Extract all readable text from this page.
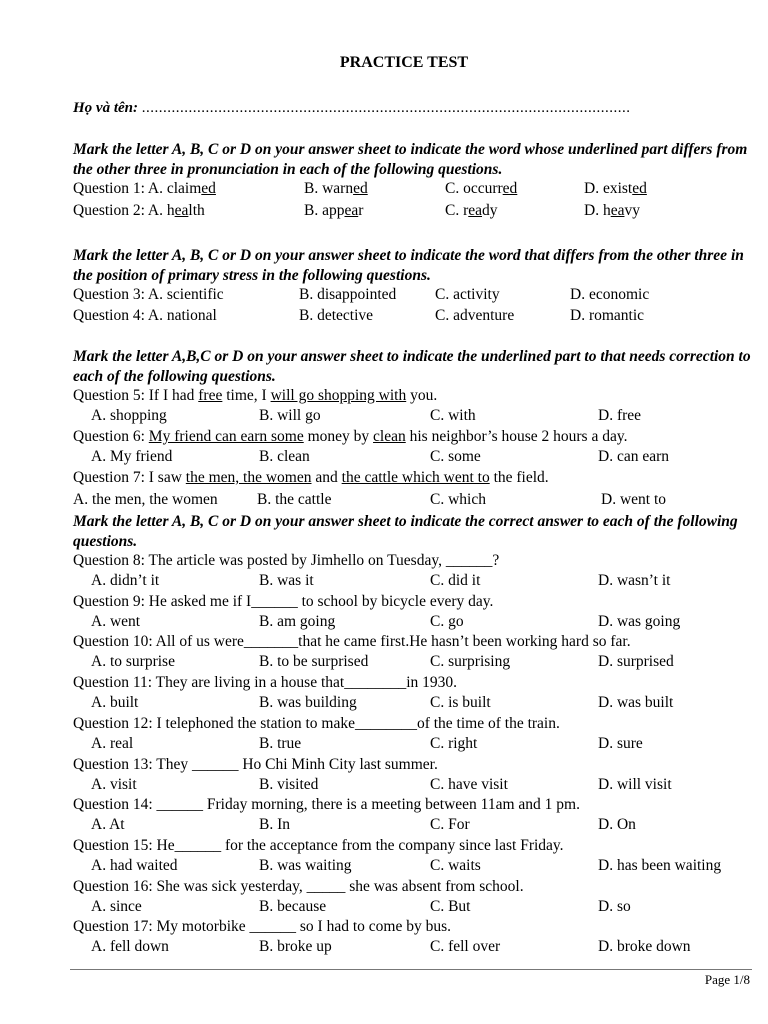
PRACTICE TEST
Họ và tên: ...................................................................................................................
Mark the letter A, B, C or D on your answer sheet to indicate the word whose underlined part differs from the other three in pronunciation in each of the following questions.
Question 1: A. claimed	B. warned	C. occurred	D. existed
Question 2: A. health	B. appear	C. ready	D. heavy
Mark the letter A, B, C or D on your answer sheet to indicate the word that differs from the other three in the position of primary stress in the following questions.
Question 3: A. scientific	B. disappointed C. activity	D. economic
Question 4: A. national	B. detective	C. adventure	D. romantic
Mark the letter A,B,C or D on your answer sheet to indicate the underlined part to that needs correction to each of the following questions.
Question 5: If I had free time, I will go shopping with you.
A. shopping	B. will go	C. with	D. free
Question 6: My friend can earn some money by clean his neighbor’s house 2 hours a day.
A. My friend	B. clean	C. some	D. can earn
Question 7: I saw the men, the women and the cattle which went to the field.
A. the men, the women	B. the cattle	C. which	D. went to
Mark the letter A, B, C or D on your answer sheet to indicate the correct answer to each of the following questions.
Question 8: The article was posted by Jimhello on Tuesday, ______?
A. didn’t it	B. was it	C. did it	D. wasn’t it
Question 9: He asked me if I______ to school by bicycle every day.
A. went	B. am going	C. go	D. was going
Question 10: All of us were_______that he came first.He hasn’t been working hard so far.
A. to surprise	B. to be surprised	C. surprising	D. surprised
Question 11: They are living in a house that________in 1930.
A. built	B. was building	C. is built	D. was built
Question 12: I telephoned the station to make________of the time of the train.
A. real	B. true	C. right	D. sure
Question 13: They ______ Ho Chi Minh City last summer.
A. visit	B. visited	C. have visit	D. will visit
Question 14: ______ Friday morning, there is a meeting between 11am and 1 pm.
A. At	B. In	C. For	D. On
Question 15: He______ for the acceptance from the company since last Friday.
A. had waited	B. was waiting	C. waits	D. has been waiting
Question 16: She was sick yesterday, _____ she was absent from school.
A. since	B. because	C. But	D. so
Question 17: My motorbike ______ so I had to come by bus.
A. fell down	B. broke up	C. fell over	D. broke down
Page 1/8
